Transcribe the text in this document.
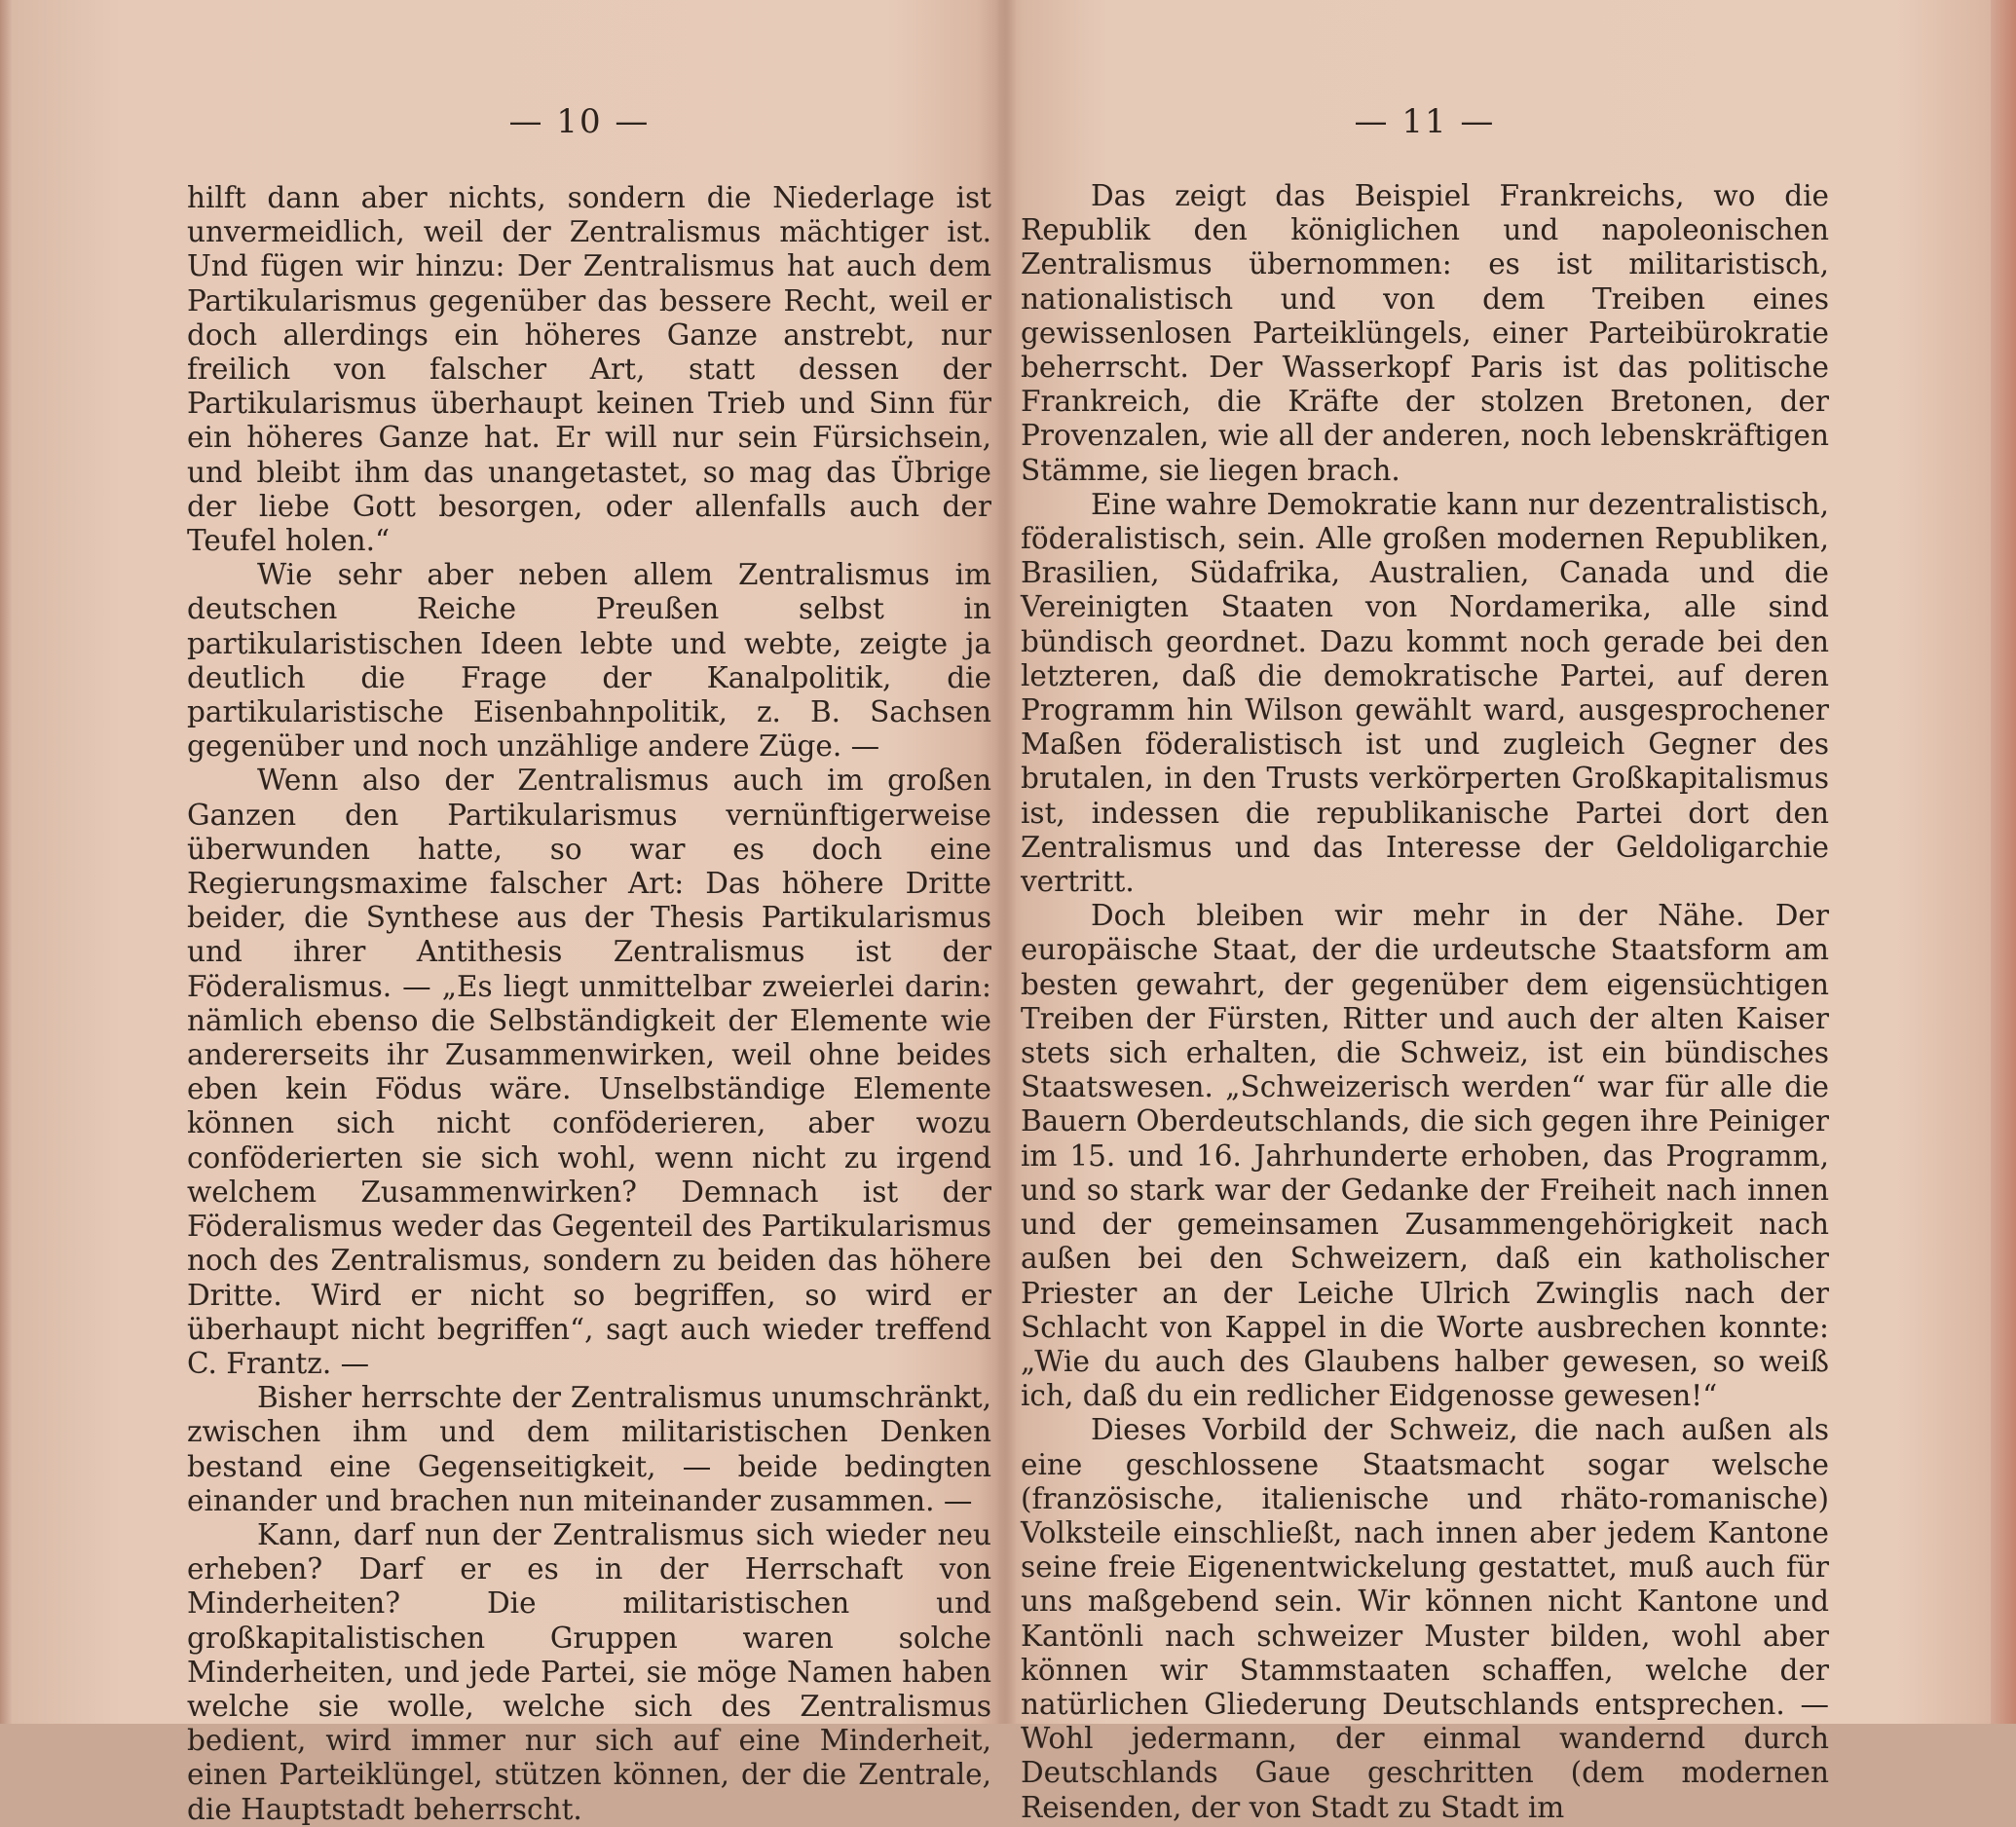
— 10 —

hilft dann aber nichts, sondern die Niederlage ist unvermeidlich, weil der Zentralismus mächtiger ist. Und fügen wir hinzu: Der Zentralismus hat auch dem Partikularismus gegenüber das bessere Recht, weil er doch allerdings ein höheres Ganze anstrebt, nur freilich von falscher Art, statt dessen der Partikularismus überhaupt keinen Trieb und Sinn für ein höheres Ganze hat. Er will nur sein Fürsichsein, und bleibt ihm das unangetastet, so mag das Übrige der liebe Gott besorgen, oder allenfalls auch der Teufel holen.“

Wie sehr aber neben allem Zentralismus im deutschen Reiche Preußen selbst in partikularistischen Ideen lebte und webte, zeigte ja deutlich die Frage der Kanalpolitik, die partikularistische Eisenbahnpolitik, z. B. Sachsen gegenüber und noch unzählige andere Züge. —

Wenn also der Zentralismus auch im großen Ganzen den Partikularismus vernünftigerweise überwunden hatte, so war es doch eine Regierungsmaxime falscher Art: Das höhere Dritte beider, die Synthese aus der Thesis Partikularismus und ihrer Antithesis Zentralismus ist der Föderalismus. — „Es liegt unmittelbar zweierlei darin: nämlich ebenso die Selbständigkeit der Elemente wie andererseits ihr Zusammenwirken, weil ohne beides eben kein Födus wäre. Unselbständige Elemente können sich nicht conföderieren, aber wozu conföderierten sie sich wohl, wenn nicht zu irgend welchem Zusammenwirken? Demnach ist der Föderalismus weder das Gegenteil des Partikularismus noch des Zentralismus, sondern zu beiden das höhere Dritte. Wird er nicht so begriffen, so wird er überhaupt nicht begriffen“, sagt auch wieder treffend C. Frantz. —

Bisher herrschte der Zentralismus unumschränkt, zwischen ihm und dem militaristischen Denken bestand eine Gegenseitigkeit, — beide bedingten einander und brachen nun miteinander zusammen. —

Kann, darf nun der Zentralismus sich wieder neu erheben? Darf er es in der Herrschaft von Minderheiten? Die militaristischen und großkapitalistischen Gruppen waren solche Minderheiten, und jede Partei, sie möge Namen haben welche sie wolle, welche sich des Zentralismus bedient, wird immer nur sich auf eine Minderheit, einen Parteiklüngel, stützen können, der die Zentrale, die Hauptstadt beherrscht.

— 11 —

Das zeigt das Beispiel Frankreichs, wo die Republik den königlichen und napoleonischen Zentralismus übernommen: es ist militaristisch, nationalistisch und von dem Treiben eines gewissenlosen Parteiklüngels, einer Parteibürokratie beherrscht. Der Wasserkopf Paris ist das politische Frankreich, die Kräfte der stolzen Bretonen, der Provenzalen, wie all der anderen, noch lebenskräftigen Stämme, sie liegen brach.

Eine wahre Demokratie kann nur dezentralistisch, föderalistisch, sein. Alle großen modernen Republiken, Brasilien, Südafrika, Australien, Canada und die Vereinigten Staaten von Nordamerika, alle sind bündisch geordnet. Dazu kommt noch gerade bei den letzteren, daß die demokratische Partei, auf deren Programm hin Wilson gewählt ward, ausgesprochener Maßen föderalistisch ist und zugleich Gegner des brutalen, in den Trusts verkörperten Großkapitalismus ist, indessen die republikanische Partei dort den Zentralismus und das Interesse der Geldoligarchie vertritt.

Doch bleiben wir mehr in der Nähe. Der europäische Staat, der die urdeutsche Staatsform am besten gewahrt, der gegenüber dem eigensüchtigen Treiben der Fürsten, Ritter und auch der alten Kaiser stets sich erhalten, die Schweiz, ist ein bündisches Staatswesen. „Schweizerisch werden“ war für alle die Bauern Oberdeutschlands, die sich gegen ihre Peiniger im 15. und 16. Jahrhunderte erhoben, das Programm, und so stark war der Gedanke der Freiheit nach innen und der gemeinsamen Zusammengehörigkeit nach außen bei den Schweizern, daß ein katholischer Priester an der Leiche Ulrich Zwinglis nach der Schlacht von Kappel in die Worte ausbrechen konnte: „Wie du auch des Glaubens halber gewesen, so weiß ich, daß du ein redlicher Eidgenosse gewesen!“

Dieses Vorbild der Schweiz, die nach außen als eine geschlossene Staatsmacht sogar welsche (französische, italienische und rhäto-romanische) Volksteile einschließt, nach innen aber jedem Kantone seine freie Eigenentwickelung gestattet, muß auch für uns maßgebend sein. Wir können nicht Kantone und Kantönli nach schweizer Muster bilden, wohl aber können wir Stammstaaten schaffen, welche der natürlichen Gliederung Deutschlands entsprechen. — Wohl jedermann, der einmal wandernd durch Deutschlands Gaue geschritten (dem modernen Reisenden, der von Stadt zu Stadt im
